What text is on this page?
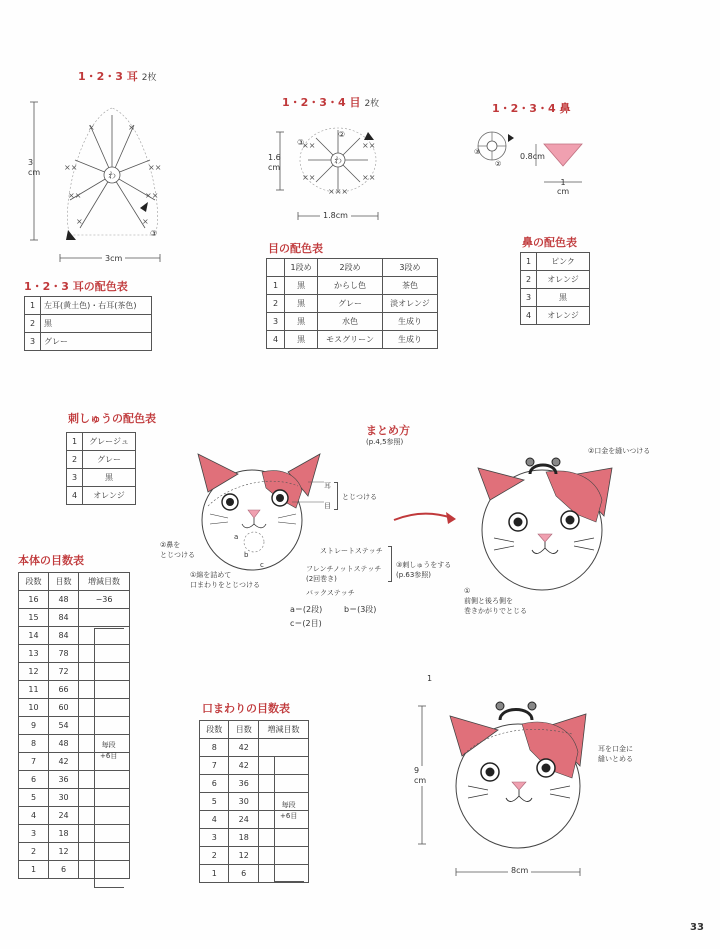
1・2・3 耳 2枚
わ
××	××
××	××
×	×
×	×
3
cm
3cm
③
1・2・3・4 目 2枚
わ
××	××
××	××
×××
1.6
cm
1.8cm
③
②
1・2・3・4 鼻
③
②
0.8cm
1
cm
1・2・3 耳の配色表
1	左耳(黄土色)・右耳(茶色)
2	黒
3	グレー
目の配色表
	1段め	2段め	3段め
1	黒	からし色	茶色
2	黒	グレー	淡オレンジ
3	黒	水色	生成り
4	黒	モスグリーン	生成り
鼻の配色表
1	ピンク
2	オレンジ
3	黒
4	オレンジ
刺しゅうの配色表
1	グレージュ
2	グレー
3	黒
4	オレンジ
まとめ方
(p.4,5参照)
a
b
c
耳
目
とじつける
②鼻を
とじつける
①綿を詰めて
口まわりをとじつける
ストレートステッチ
フレンチノットステッチ
(2回巻き)
バックステッチ
③刺しゅうをする
(p.63参照)
a＝(2段)	b＝(3段)
c＝(2目)
②口金を縫いつける
①
前側と後ろ側を
巻きかがりでとじる
本体の目数表
段数	目数	増減目数
16	48	−36
15	84	
14	84	
13	78	
12	72	
11	66	
10	60	
9	54	
8	48	
7	42	
6	36	
5	30	
4	24	
3	18	
2	12	
1	6	
毎段
+6目
口まわりの目数表
段数	目数	増減目数
8	42	
7	42	
6	36	
5	30	
4	24	
3	18	
2	12	
1	6	
毎段
+6目
1
9
cm
8cm
耳を口金に
縫いとめる
33
